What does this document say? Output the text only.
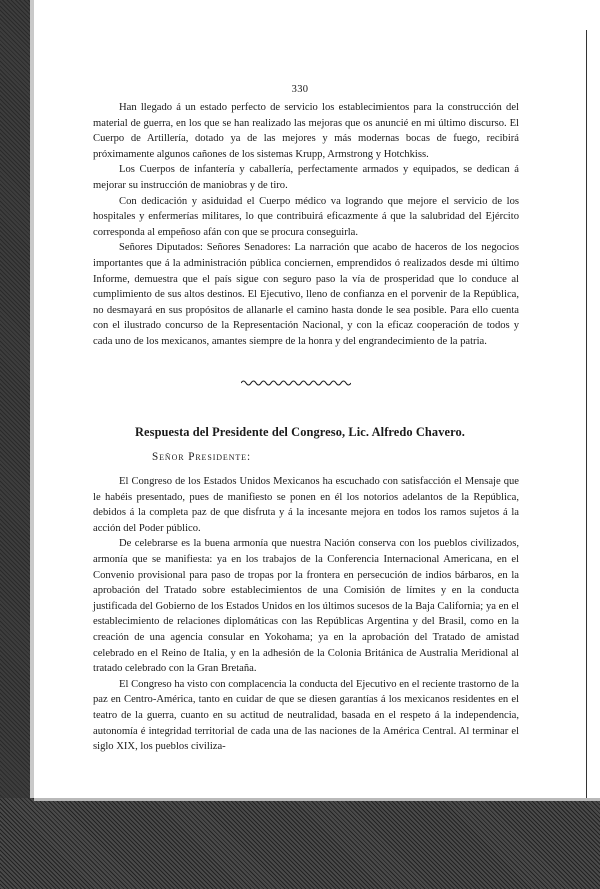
330

Han llegado á un estado perfecto de servicio los establecimientos para la construcción del material de guerra, en los que se han realizado las mejoras que os anuncié en mi último discurso. El Cuerpo de Artillería, dotado ya de las mejores y más modernas bocas de fuego, recibirá próximamente algunos cañones de los sistemas Krupp, Armstrong y Hotchkiss.

Los Cuerpos de infantería y caballería, perfectamente armados y equipados, se dedican á mejorar su instrucción de maniobras y de tiro.

Con dedicación y asiduidad el Cuerpo médico va logrando que mejore el servicio de los hospitales y enfermerías militares, lo que contribuirá eficazmente á que la salubridad del Ejército corresponda al empeñoso afán con que se procura conseguirla.

Señores Diputados: Señores Senadores: La narración que acabo de haceros de los negocios importantes que á la administración pública conciernen, emprendidos ó realizados desde mi último Informe, demuestra que el país sigue con seguro paso la vía de prosperidad que lo conduce al cumplimiento de sus altos destinos. El Ejecutivo, lleno de confianza en el porvenir de la República, no desmayará en sus propósitos de allanarle el camino hasta donde le sea posible. Para ello cuenta con el ilustrado concurso de la Representación Nacional, y con la eficaz cooperación de todos y cada uno de los mexicanos, amantes siempre de la honra y del engrandecimiento de la patria.

Respuesta del Presidente del Congreso, Lic. Alfredo Chavero.
Señor Presidente:

El Congreso de los Estados Unidos Mexicanos ha escuchado con satisfacción el Mensaje que le habéis presentado, pues de manifiesto se ponen en él los notorios adelantos de la República, debidos á la completa paz de que disfruta y á la incesante mejora en todos los ramos sujetos á la acción del Poder público.

De celebrarse es la buena armonía que nuestra Nación conserva con los pueblos civilizados, armonía que se manifiesta: ya en los trabajos de la Conferencia Internacional Americana, en el Convenio provisional para paso de tropas por la frontera en persecución de indios bárbaros, en la aprobación del Tratado sobre establecimientos de una Comisión de límites y en la conducta justificada del Gobierno de los Estados Unidos en los últimos sucesos de la Baja California; ya en el establecimiento de relaciones diplomáticas con las Repúblicas Argentina y del Brasil, como en la creación de una agencia consular en Yokohama; ya en la aprobación del Tratado de amistad celebrado en el Reino de Italia, y en la adhesión de la Colonia Británica de Australia Meridional al tratado celebrado con la Gran Bretaña.

El Congreso ha visto con complacencia la conducta del Ejecutivo en el reciente trastorno de la paz en Centro-América, tanto en cuidar de que se diesen garantías á los mexicanos residentes en el teatro de la guerra, cuanto en su actitud de neutralidad, basada en el respeto á la independencia, autonomía é integridad territorial de cada una de las naciones de la América Central. Al terminar el siglo XIX, los pueblos civiliza-
